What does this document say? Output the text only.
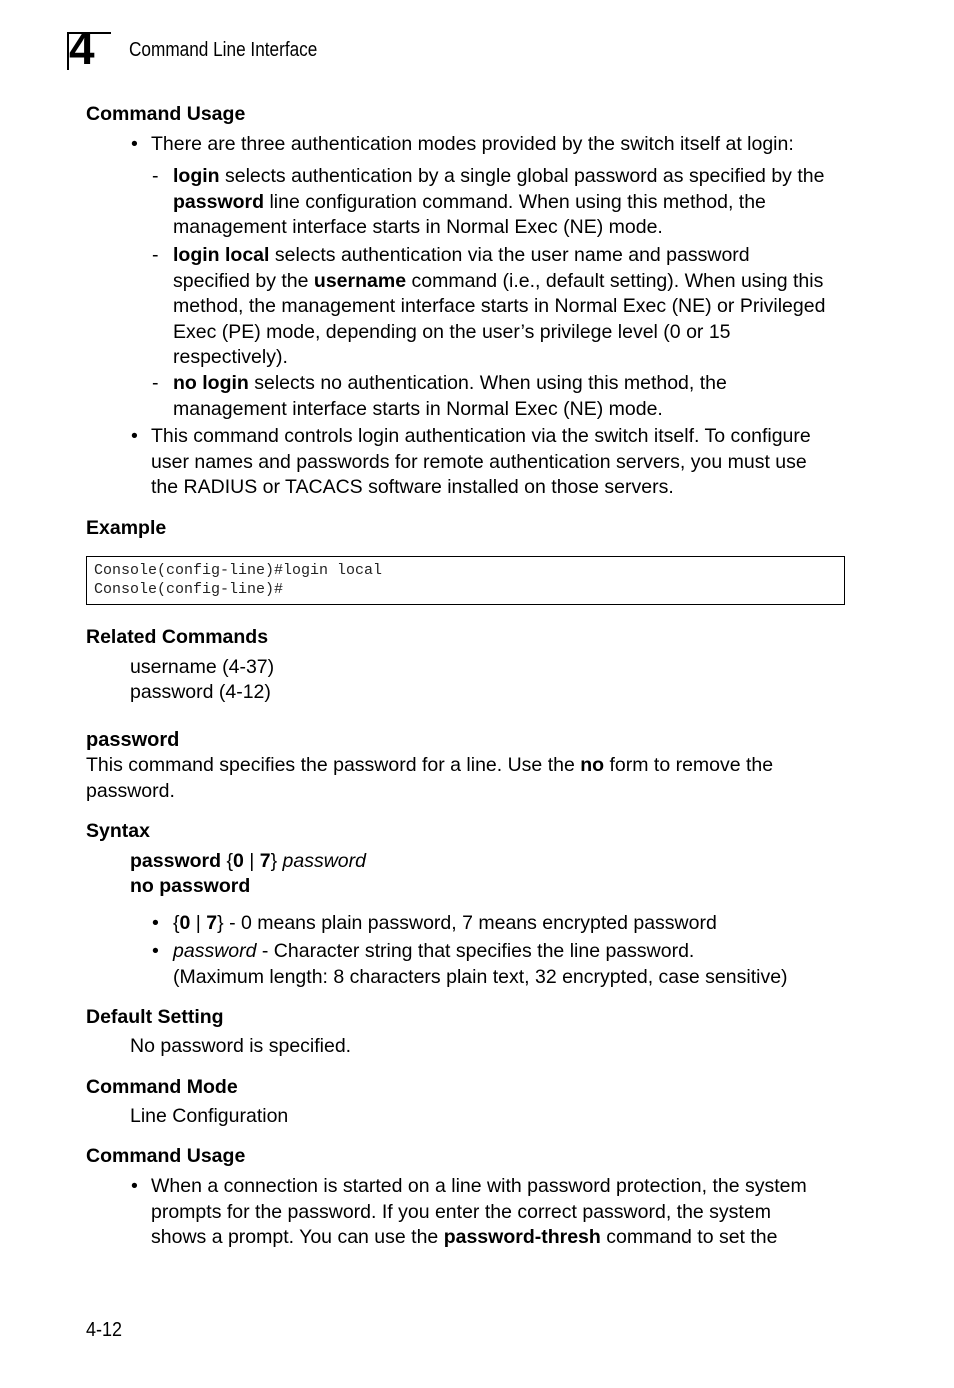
4 Command Line Interface
Command Usage
• There are three authentication modes provided by the switch itself at login:
- login selects authentication by a single global password as specified by the
password line configuration command. When using this method, the
management interface starts in Normal Exec (NE) mode.
- login local selects authentication via the user name and password
specified by the username command (i.e., default setting). When using this
method, the management interface starts in Normal Exec (NE) or Privileged
Exec (PE) mode, depending on the user’s privilege level (0 or 15
respectively).
- no login selects no authentication. When using this method, the
management interface starts in Normal Exec (NE) mode.
• This command controls login authentication via the switch itself. To configure
user names and passwords for remote authentication servers, you must use
the RADIUS or TACACS software installed on those servers.
Example
Console(config-line)#login local
Console(config-line)#
Related Commands
username (4-37)
password (4-12)
password
This command specifies the password for a line. Use the no form to remove the
password.
Syntax
password {0 | 7} password
no password
• {0 | 7} - 0 means plain password, 7 means encrypted password
• password - Character string that specifies the line password.
(Maximum length: 8 characters plain text, 32 encrypted, case sensitive)
Default Setting
No password is specified.
Command Mode
Line Configuration
Command Usage
• When a connection is started on a line with password protection, the system
prompts for the password. If you enter the correct password, the system
shows a prompt. You can use the password-thresh command to set the
4-12
